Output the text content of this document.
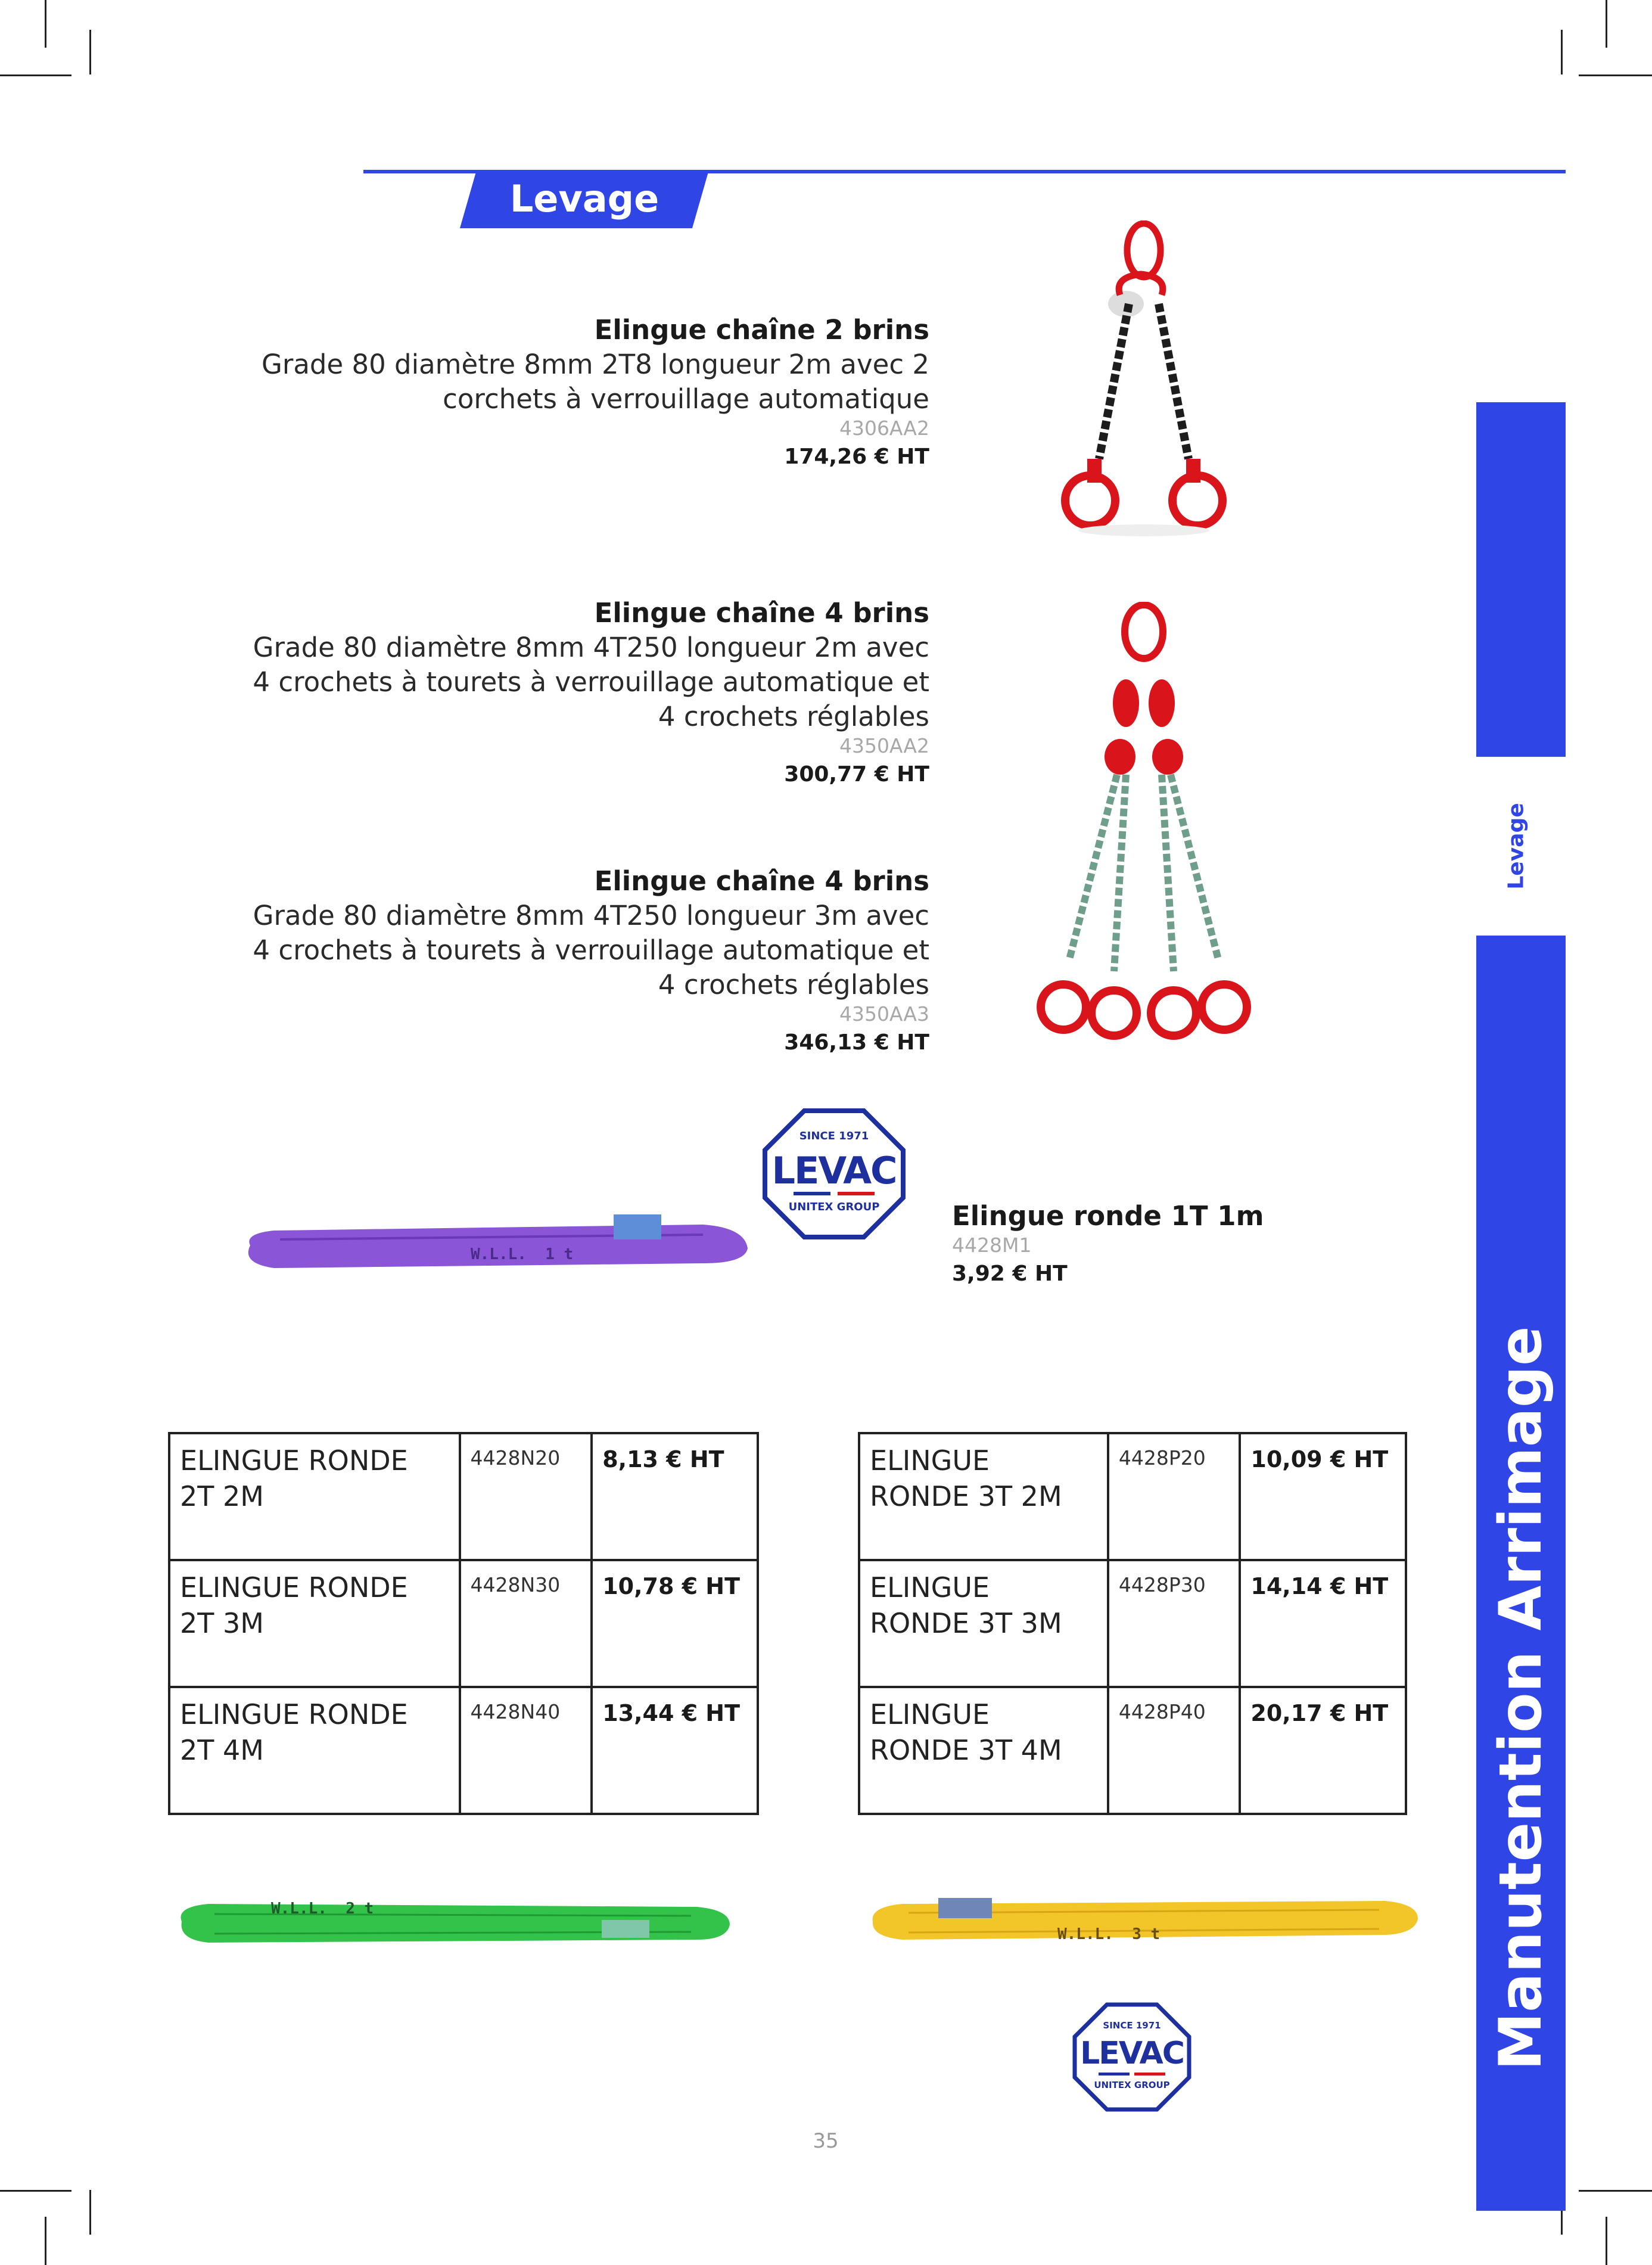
Levage
Elingue chaîne 2 brins
Grade 80 diamètre 8mm 2T8 longueur 2m avec 2
corchets à verrouillage automatique
4306AA2
174,26 € HT
Elingue chaîne 4 brins
Grade 80 diamètre 8mm 4T250 longueur 2m avec
4 crochets à tourets à verrouillage automatique et
4 crochets réglables
4350AA2
300,77 € HT
Elingue chaîne 4 brins
Grade 80 diamètre 8mm 4T250 longueur 3m avec
4 crochets à tourets à verrouillage automatique et
4 crochets réglables
4350AA3
346,13 € HT
SINCE 1971
LEVAC
UNITEX GROUP
W.L.L.  1 t
Elingue ronde 1T 1m
4428M1
3,92 € HT
ELINGUE RONDE
2T 2M	4428N20	8,13 € HT

ELINGUE RONDE
2T 3M	4428N30	10,78 € HT

ELINGUE RONDE
2T 4M	4428N40	13,44 € HT
ELINGUE
RONDE 3T 2M	4428P20	10,09 € HT

ELINGUE
RONDE 3T 3M	4428P30	14,14 € HT

ELINGUE
RONDE 3T 4M	4428P40	20,17 € HT
W.L.L.  2 t
W.L.L.  3 t
SINCE 1971
LEVAC
UNITEX GROUP
Levage
Manutention Arrimage
35
